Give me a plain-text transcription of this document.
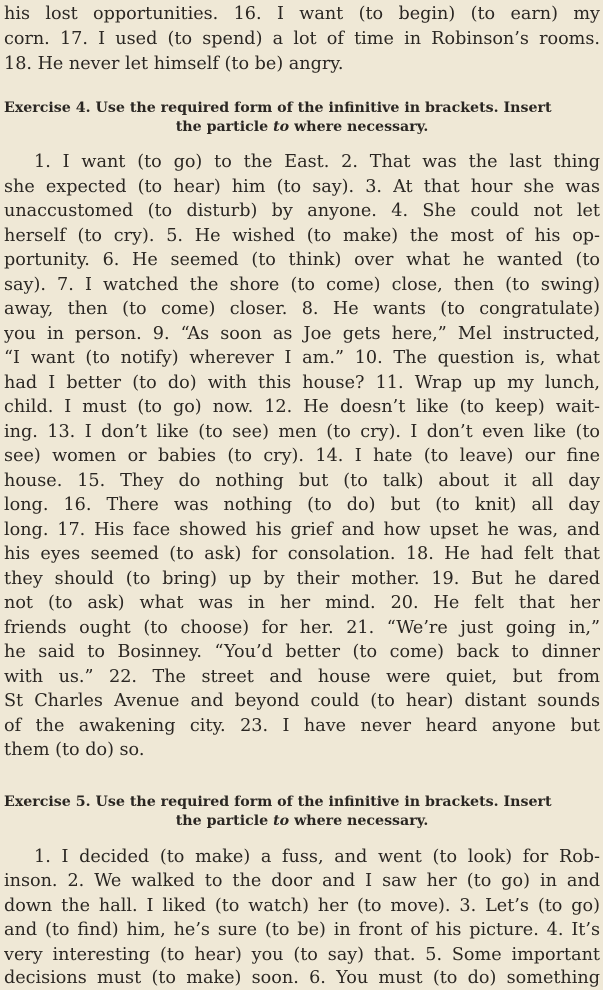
his lost opportunities. 16. I want (to begin) (to earn) my
corn. 17. I used (to spend) a lot of time in Robinson’s rooms.
18. He never let himself (to be) angry.
Exercise 4. Use the required form of the infinitive in brackets. Insert
the particle to where necessary.
1. I want (to go) to the East. 2. That was the last thing
she expected (to hear) him (to say). 3. At that hour she was
unaccustomed (to disturb) by anyone. 4. She could not let
herself (to cry). 5. He wished (to make) the most of his op-
portunity. 6. He seemed (to think) over what he wanted (to
say). 7. I watched the shore (to come) close, then (to swing)
away, then (to come) closer. 8. He wants (to congratulate)
you in person. 9. “As soon as Joe gets here,” Mel instructed,
“I want (to notify) wherever I am.” 10. The question is, what
had I better (to do) with this house? 11. Wrap up my lunch,
child. I must (to go) now. 12. He doesn’t like (to keep) wait-
ing. 13. I don’t like (to see) men (to cry). I don’t even like (to
see) women or babies (to cry). 14. I hate (to leave) our fine
house. 15. They do nothing but (to talk) about it all day
long. 16. There was nothing (to do) but (to knit) all day
long. 17. His face showed his grief and how upset he was, and
his eyes seemed (to ask) for consolation. 18. He had felt that
they should (to bring) up by their mother. 19. But he dared
not (to ask) what was in her mind. 20. He felt that her
friends ought (to choose) for her. 21. “We’re just going in,”
he said to Bosinney. “You’d better (to come) back to dinner
with us.” 22. The street and house were quiet, but from
St Charles Avenue and beyond could (to hear) distant sounds
of the awakening city. 23. I have never heard anyone but
them (to do) so.
Exercise 5. Use the required form of the infinitive in brackets. Insert
the particle to where necessary.
1. I decided (to make) a fuss, and went (to look) for Rob-
inson. 2. We walked to the door and I saw her (to go) in and
down the hall. I liked (to watch) her (to move). 3. Let’s (to go)
and (to find) him, he’s sure (to be) in front of his picture. 4. It’s
very interesting (to hear) you (to say) that. 5. Some important
decisions must (to make) soon. 6. You must (to do) something
